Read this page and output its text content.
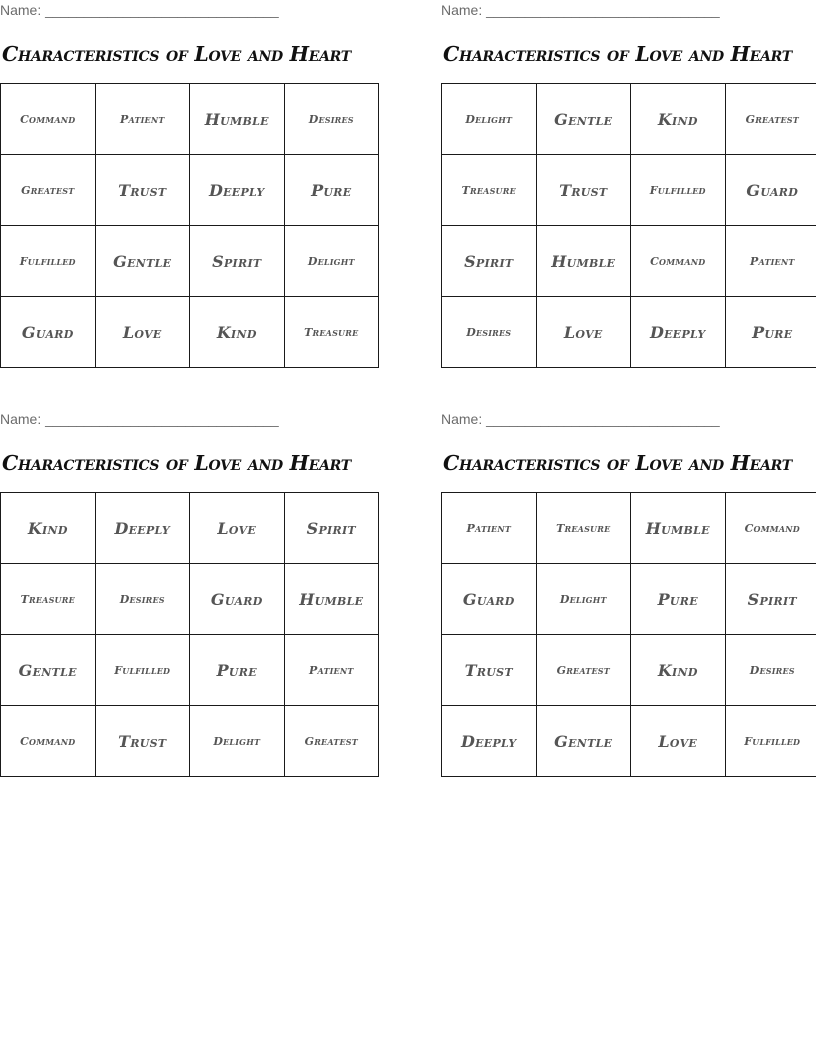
Name: ______________________________
Characteristics of Love and Heart
Command	Patient	Humble	Desires
Greatest	Trust	Deeply	Pure
Fulfilled	Gentle	Spirit	Delight
Guard	Love	Kind	Treasure
Name: ______________________________
Characteristics of Love and Heart
Delight	Gentle	Kind	Greatest
Treasure	Trust	Fulfilled	Guard
Spirit	Humble	Command	Patient
Desires	Love	Deeply	Pure
Name: ______________________________
Characteristics of Love and Heart
Kind	Deeply	Love	Spirit
Treasure	Desires	Guard	Humble
Gentle	Fulfilled	Pure	Patient
Command	Trust	Delight	Greatest
Name: ______________________________
Characteristics of Love and Heart
Patient	Treasure	Humble	Command
Guard	Delight	Pure	Spirit
Trust	Greatest	Kind	Desires
Deeply	Gentle	Love	Fulfilled
